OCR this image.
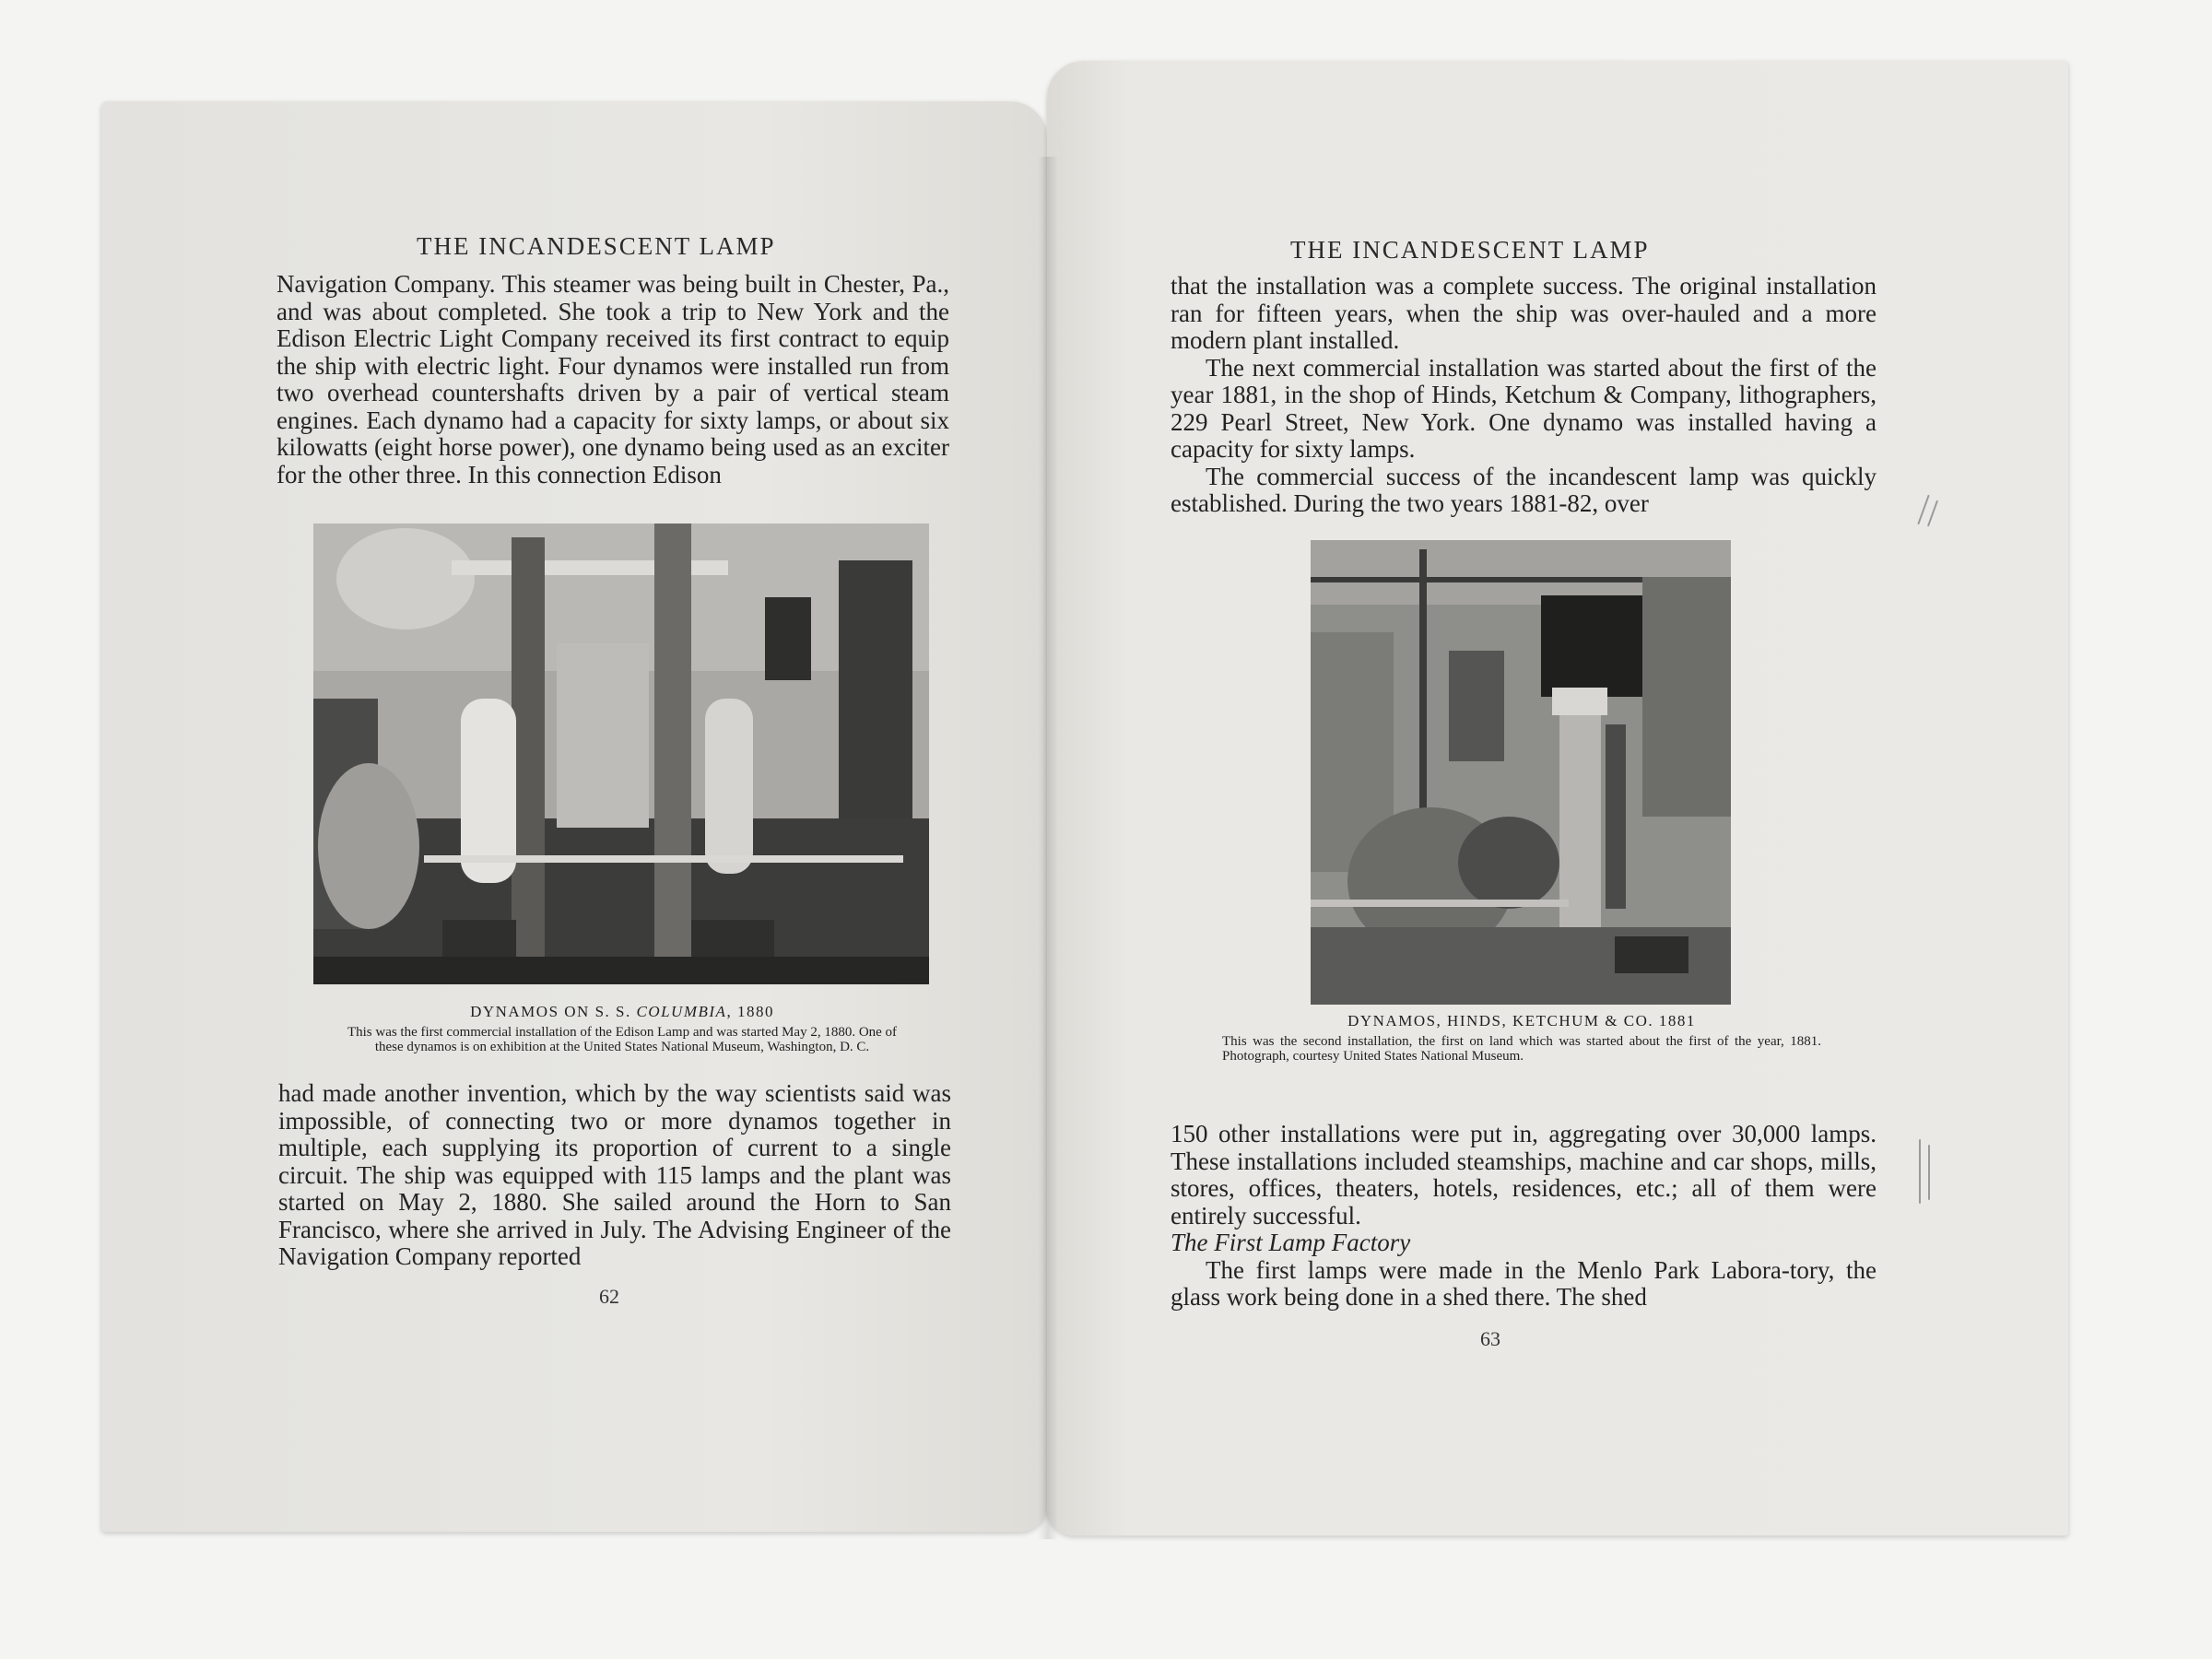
THE INCANDESCENT LAMP

Navigation Company. This steamer was being built in Chester, Pa., and was about completed. She took a trip to New York and the Edison Electric Light Company received its first contract to equip the ship with electric light. Four dynamos were installed run from two overhead countershafts driven by a pair of vertical steam engines. Each dynamo had a capacity for sixty lamps, or about six kilowatts (eight horse power), one dynamo being used as an exciter for the other three. In this connection Edison

DYNAMOS ON S. S. COLUMBIA, 1880
This was the first commercial installation of the Edison Lamp and was started May 2, 1880. One of these dynamos is on exhibition at the United States National Museum, Washington, D. C.

had made another invention, which by the way scientists said was impossible, of connecting two or more dynamos together in multiple, each supplying its proportion of current to a single circuit. The ship was equipped with 115 lamps and the plant was started on May 2, 1880. She sailed around the Horn to San Francisco, where she arrived in July. The Advising Engineer of the Navigation Company reported

62
THE INCANDESCENT LAMP

that the installation was a complete success. The original installation ran for fifteen years, when the ship was over-hauled and a more modern plant installed.

The next commercial installation was started about the first of the year 1881, in the shop of Hinds, Ketchum & Company, lithographers, 229 Pearl Street, New York. One dynamo was installed having a capacity for sixty lamps.

The commercial success of the incandescent lamp was quickly established. During the two years 1881-82, over

DYNAMOS, HINDS, KETCHUM & CO. 1881
This was the second installation, the first on land which was started about the first of the year, 1881. Photograph, courtesy United States National Museum.

150 other installations were put in, aggregating over 30,000 lamps. These installations included steamships, machine and car shops, mills, stores, offices, theaters, hotels, residences, etc.; all of them were entirely successful.

The First Lamp Factory

The first lamps were made in the Menlo Park Labora-tory, the glass work being done in a shed there. The shed

63
